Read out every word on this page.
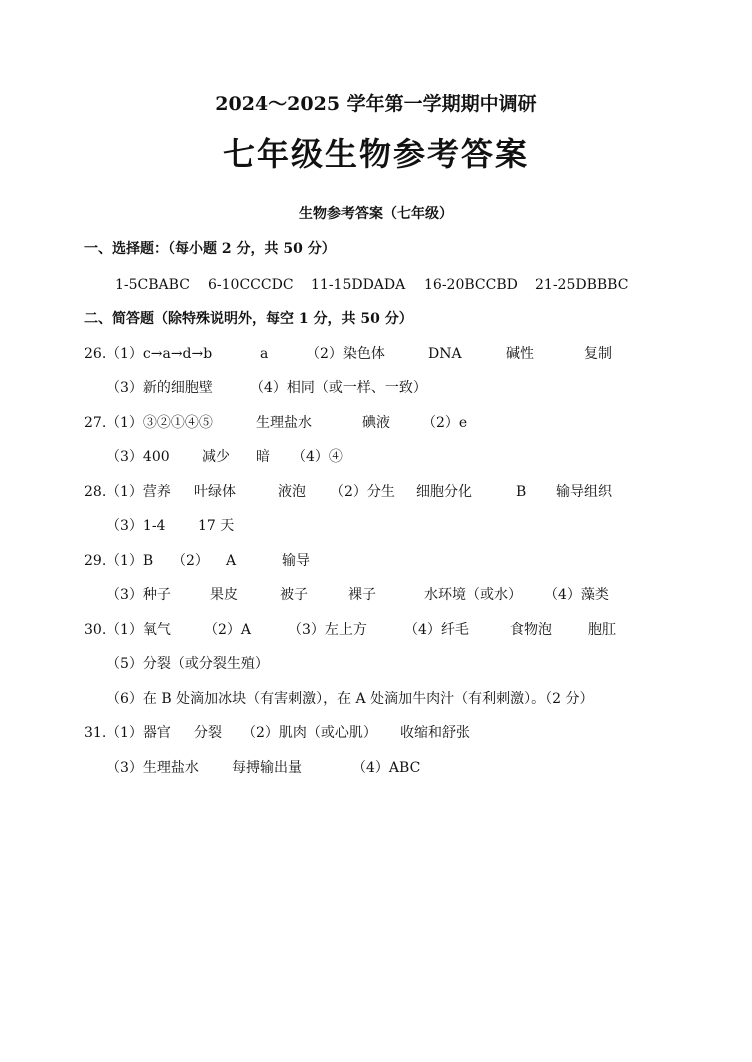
2024～2025 学年第一学期期中调研
七年级生物参考答案
生物参考答案（七年级）
一、选择题：（每小题 2 分，共 50 分）
1-5CBABC 6-10CCCDC 11-15DDADA 16-20BCCBD 21-25DBBBC
二、简答题（除特殊说明外，每空 1 分，共 50 分）
26. （1）c→a→d→b	a	（2）染色体	DNA	碱性	复制
（3）新的细胞壁	（4）相同（或一样、一致）
27. （1）③②①④⑤	生理盐水	碘液 （2）e
（3）400 减少 暗 （4）④
28. （1）营养 叶绿体	液泡 （2）分生 细胞分化	B 输导组织
（3）1-4 17 天
29. （1）B （2） A	输导
（3）种子	果皮	被子	裸子	水环境（或水） （4）藻类
30. （1）氧气 （2）A	（3）左上方	（4）纤毛	食物泡	胞肛
（5）分裂（或分裂生殖）
（6）在 B 处滴加冰块（有害刺激），在 A 处滴加牛肉汁（有利刺激）。（2 分）
31. （1）器官 分裂 （2）肌肉（或心肌） 收缩和舒张
（3）生理盐水 每搏输出量	（4）ABC
